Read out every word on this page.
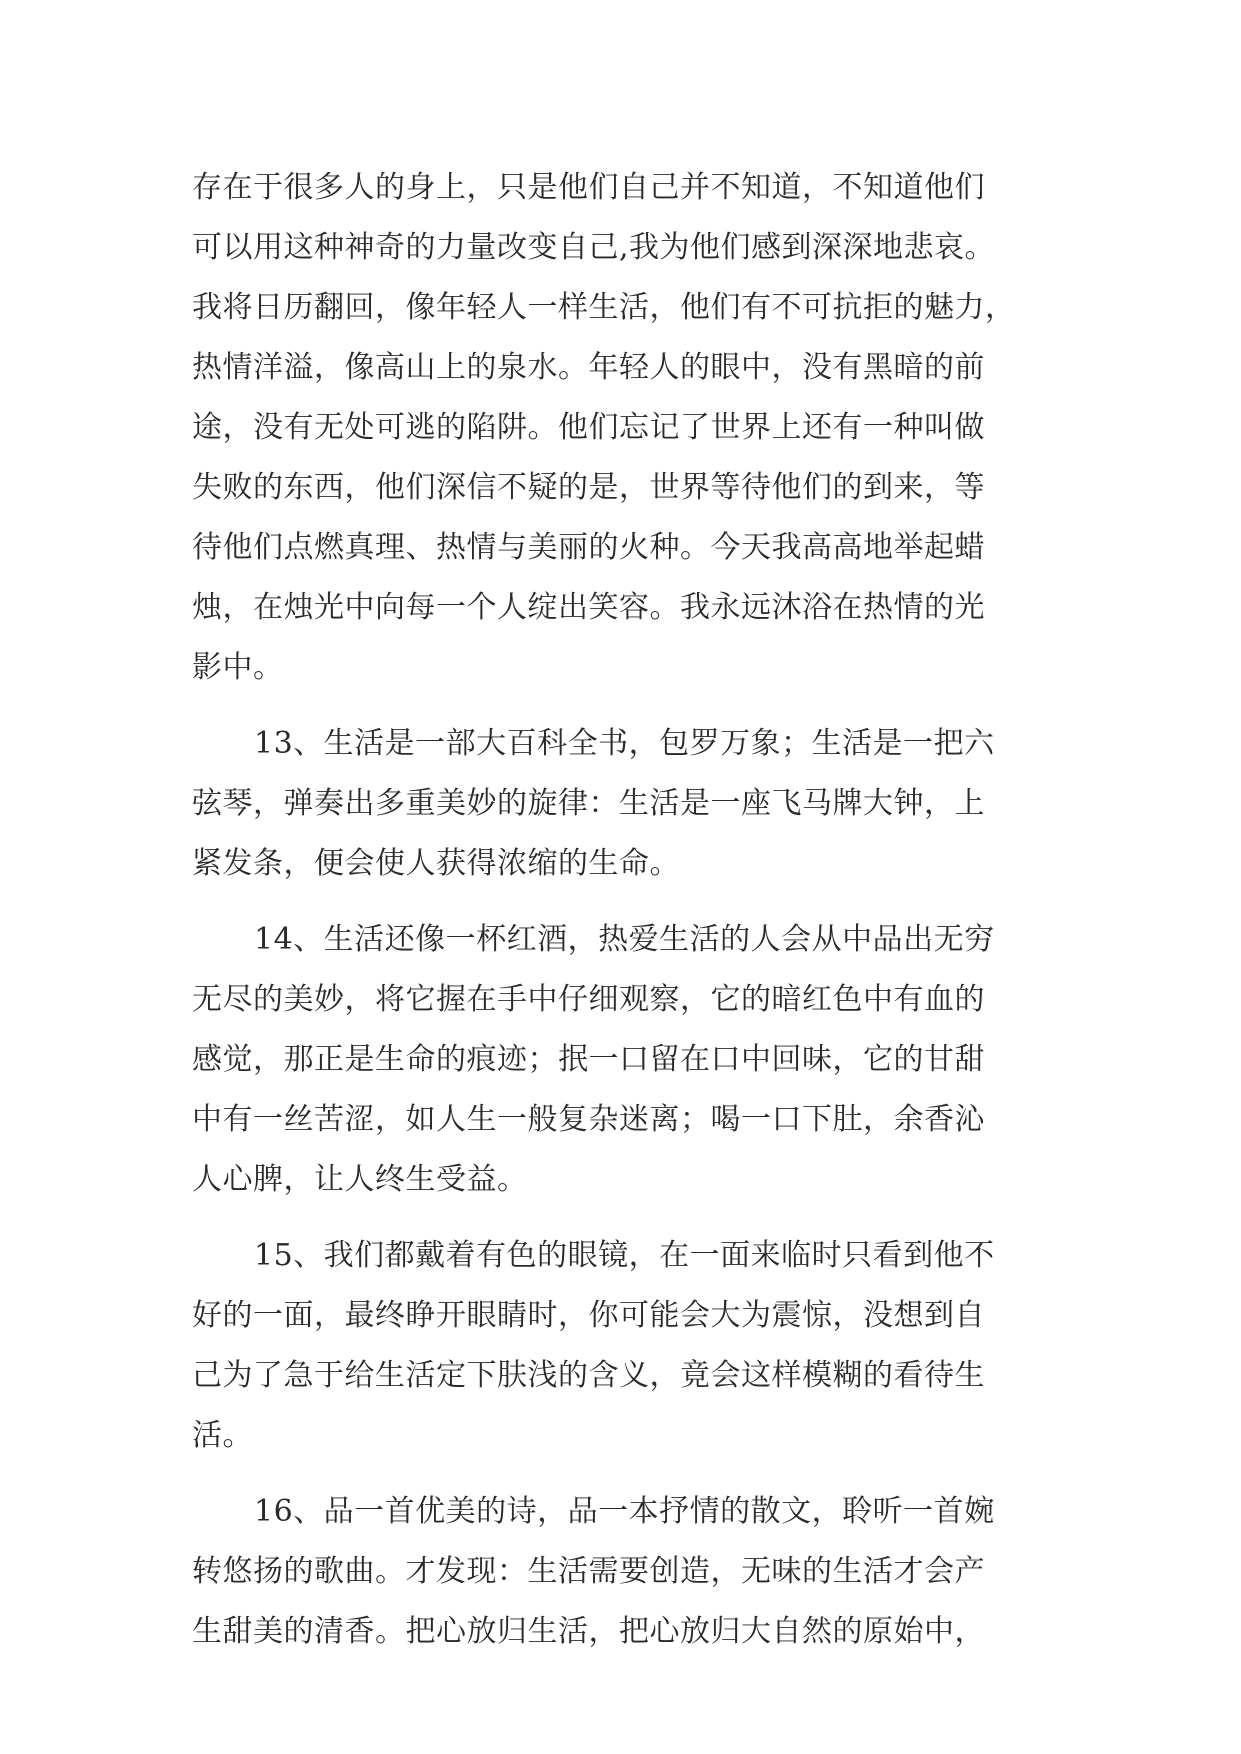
存在于很多人的身上，只是他们自己并不知道，不知道他们
可以用这种神奇的力量改变自己,我为他们感到深深地悲哀。
我将日历翻回，像年轻人一样生活，他们有不可抗拒的魅力，
热情洋溢，像高山上的泉水。年轻人的眼中，没有黑暗的前
途，没有无处可逃的陷阱。他们忘记了世界上还有一种叫做
失败的东西，他们深信不疑的是，世界等待他们的到来，等
待他们点燃真理、热情与美丽的火种。今天我高高地举起蜡
烛，在烛光中向每一个人绽出笑容。我永远沐浴在热情的光
影中。
13、生活是一部大百科全书，包罗万象；生活是一把六
弦琴，弹奏出多重美妙的旋律：生活是一座飞马牌大钟，上
紧发条，便会使人获得浓缩的生命。
14、生活还像一杯红酒，热爱生活的人会从中品出无穷
无尽的美妙，将它握在手中仔细观察，它的暗红色中有血的
感觉，那正是生命的痕迹；抿一口留在口中回味，它的甘甜
中有一丝苦涩，如人生一般复杂迷离；喝一口下肚，余香沁
人心脾，让人终生受益。
15、我们都戴着有色的眼镜，在一面来临时只看到他不
好的一面，最终睁开眼睛时，你可能会大为震惊，没想到自
己为了急于给生活定下肤浅的含义，竟会这样模糊的看待生
活。
16、品一首优美的诗，品一本抒情的散文，聆听一首婉
转悠扬的歌曲。才发现：生活需要创造，无味的生活才会产
生甜美的清香。把心放归生活，把心放归大自然的原始中，
